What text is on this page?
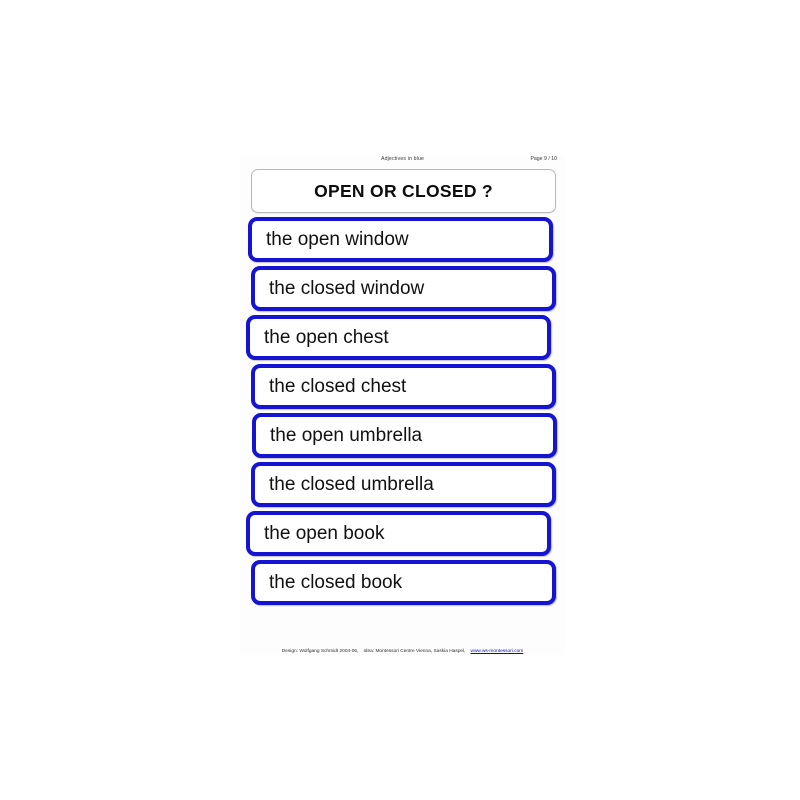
Adjectives in blue	Page 9 / 10
OPEN OR CLOSED ?
the open window
the closed window
the open chest
the closed chest
the open umbrella
the closed umbrella
the open book
the closed book
Design: Wolfgang Schmidt 2004-06, Idea: Montessori Centre Vienna, Saskia Haspel, www.ws-montessori.com
